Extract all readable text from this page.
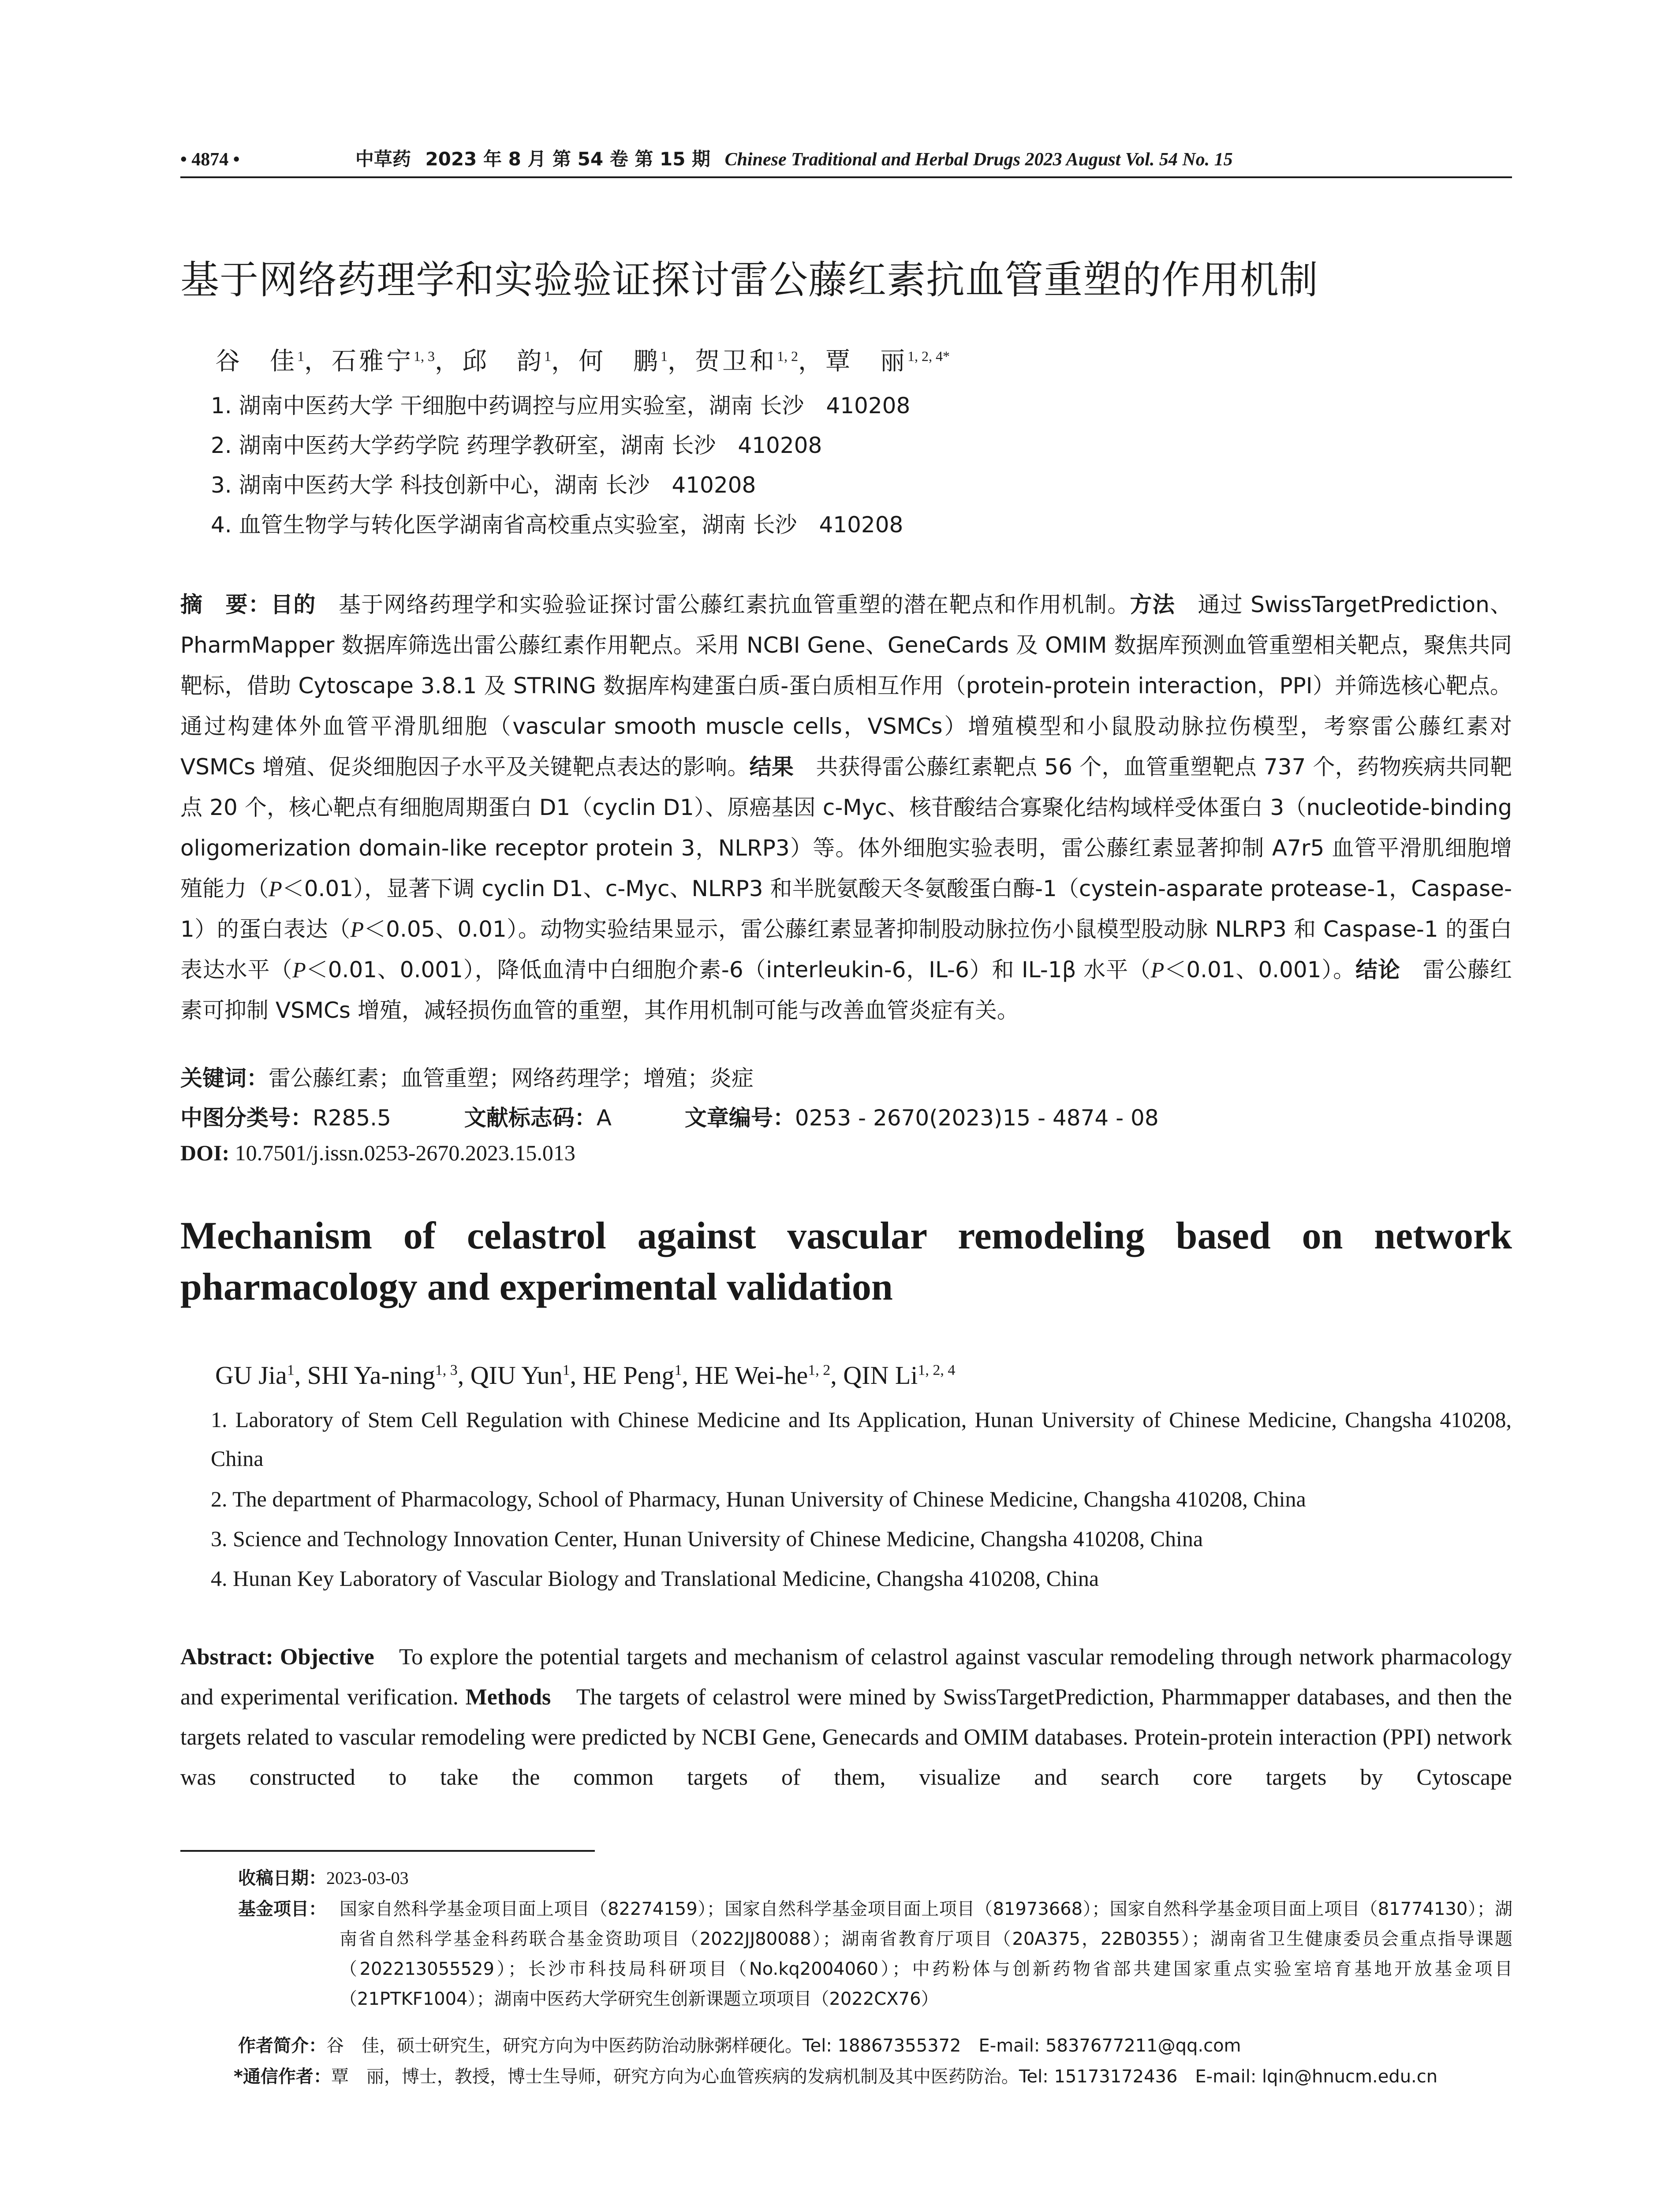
• 4874 •	中草药 2023 年 8 月 第 54 卷 第 15 期 Chinese Traditional and Herbal Drugs 2023 August Vol. 54 No. 15
基于网络药理学和实验验证探讨雷公藤红素抗血管重塑的作用机制
谷　佳$^1$，石雅宁$^{1, 3}$，邱　韵$^1$，何　鹏$^1$，贺卫和$^{1, 2}$，覃　丽$^{1, 2, 4*}$
1. 湖南中医药大学 干细胞中药调控与应用实验室，湖南 长沙　410208
2. 湖南中医药大学药学院 药理学教研室，湖南 长沙　410208
3. 湖南中医药大学 科技创新中心，湖南 长沙　410208
4. 血管生物学与转化医学湖南省高校重点实验室，湖南 长沙　410208
摘　要：目的　基于网络药理学和实验验证探讨雷公藤红素抗血管重塑的潜在靶点和作用机制。方法　通过 SwissTargetPrediction、PharmMapper 数据库筛选出雷公藤红素作用靶点。采用 NCBI Gene、GeneCards 及 OMIM 数据库预测血管重塑相关靶点，聚焦共同靶标，借助 Cytoscape 3.8.1 及 STRING 数据库构建蛋白质-蛋白质相互作用（protein-protein interaction，PPI）并筛选核心靶点。通过构建体外血管平滑肌细胞（vascular smooth muscle cells，VSMCs）增殖模型和小鼠股动脉拉伤模型，考察雷公藤红素对 VSMCs 增殖、促炎细胞因子水平及关键靶点表达的影响。结果　共获得雷公藤红素靶点 56 个，血管重塑靶点 737 个，药物疾病共同靶点 20 个，核心靶点有细胞周期蛋白 D1（cyclin D1）、原癌基因 c-Myc、核苷酸结合寡聚化结构域样受体蛋白 3（nucleotide-binding oligomerization domain-like receptor protein 3，NLRP3）等。体外细胞实验表明，雷公藤红素显著抑制 A7r5 血管平滑肌细胞增殖能力（P＜0.01），显著下调 cyclin D1、c-Myc、NLRP3 和半胱氨酸天冬氨酸蛋白酶-1（cystein-asparate protease-1，Caspase-1）的蛋白表达（P＜0.05、0.01）。动物实验结果显示，雷公藤红素显著抑制股动脉拉伤小鼠模型股动脉 NLRP3 和 Caspase-1 的蛋白表达水平（P＜0.01、0.001），降低血清中白细胞介素-6（interleukin-6，IL-6）和 IL-1β 水平（P＜0.01、0.001）。结论　雷公藤红素可抑制 VSMCs 增殖，减轻损伤血管的重塑，其作用机制可能与改善血管炎症有关。
关键词：雷公藤红素；血管重塑；网络药理学；增殖；炎症
中图分类号：R285.5	文献标志码：A	文章编号：0253 - 2670(2023)15 - 4874 - 08
DOI: 10.7501/j.issn.0253-2670.2023.15.013
Mechanism of celastrol against vascular remodeling based on network pharmacology and experimental validation
GU Jia$^1$, SHI Ya-ning$^{1, 3}$, QIU Yun$^1$, HE Peng$^1$, HE Wei-he$^{1, 2}$, QIN Li$^{1, 2, 4}$
1. Laboratory of Stem Cell Regulation with Chinese Medicine and Its Application, Hunan University of Chinese Medicine, Changsha 410208, China
2. The department of Pharmacology, School of Pharmacy, Hunan University of Chinese Medicine, Changsha 410208, China
3. Science and Technology Innovation Center, Hunan University of Chinese Medicine, Changsha 410208, China
4. Hunan Key Laboratory of Vascular Biology and Translational Medicine, Changsha 410208, China
Abstract: Objective　To explore the potential targets and mechanism of celastrol against vascular remodeling through network pharmacology and experimental verification. Methods　The targets of celastrol were mined by SwissTargetPrediction, Pharmmapper databases, and then the targets related to vascular remodeling were predicted by NCBI Gene, Genecards and OMIM databases. Protein-protein interaction (PPI) network was constructed to take the common targets of them, visualize and search core targets by Cytoscape
收稿日期：2023-03-03
基金项目： 国家自然科学基金项目面上项目（82274159）；国家自然科学基金项目面上项目（81973668）；国家自然科学基金项目面上项目（81774130）；湖南省自然科学基金科药联合基金资助项目（2022JJ80088）；湖南省教育厅项目（20A375，22B0355）；湖南省卫生健康委员会重点指导课题（202213055529）；长沙市科技局科研项目（No.kq2004060）；中药粉体与创新药物省部共建国家重点实验室培育基地开放基金项目（21PTKF1004）；湖南中医药大学研究生创新课题立项项目（2022CX76）
作者简介：谷　佳，硕士研究生，研究方向为中医药防治动脉粥样硬化。Tel: 18867355372　E-mail: 5837677211@qq.com
*通信作者：覃　丽，博士，教授，博士生导师，研究方向为心血管疾病的发病机制及其中医药防治。Tel: 15173172436　E-mail: lqin@hnucm.edu.cn
